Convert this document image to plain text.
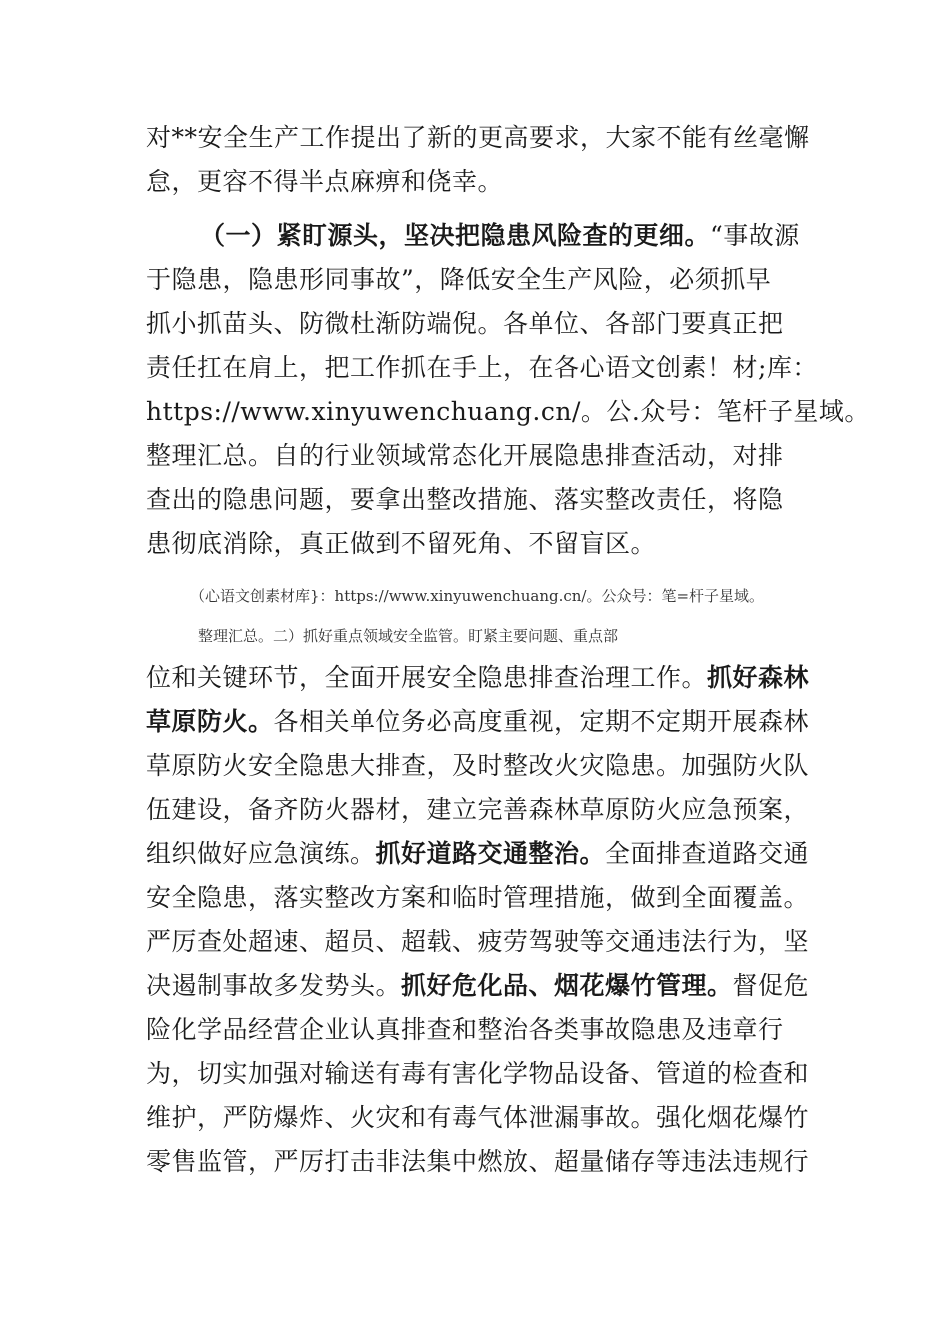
对**安全生产工作提出了新的更高要求，大家不能有丝毫懈

怠，更容不得半点麻痹和侥幸。

（一）紧盯源头，坚决把隐患风险查的更细。“事故源

于隐患，隐患形同事故”，降低安全生产风险，必须抓早

抓小抓苗头、防微杜渐防端倪。各单位、各部门要真正把

责任扛在肩上，把工作抓在手上，在各心语文创素！材;库：

https://www.xinyuwenchuang.cn/。公.众号：笔杆子星域。

整理汇总。自的行业领域常态化开展隐患排查活动，对排

查出的隐患问题，要拿出整改措施、落实整改责任，将隐

患彻底消除，真正做到不留死角、不留盲区。

（心语文创素材库}：https://www.xinyuwenchuang.cn/。公众号：笔=杆子星域。

整理汇总。二）抓好重点领域安全监管。盯紧主要问题、重点部

位和关键环节，全面开展安全隐患排查治理工作。抓好森林

草原防火。各相关单位务必高度重视，定期不定期开展森林

草原防火安全隐患大排查，及时整改火灾隐患。加强防火队

伍建设，备齐防火器材，建立完善森林草原防火应急预案，

组织做好应急演练。抓好道路交通整治。全面排查道路交通

安全隐患，落实整改方案和临时管理措施，做到全面覆盖。

严厉查处超速、超员、超载、疲劳驾驶等交通违法行为，坚

决遏制事故多发势头。抓好危化品、烟花爆竹管理。督促危

险化学品经营企业认真排查和整治各类事故隐患及违章行

为，切实加强对输送有毒有害化学物品设备、管道的检查和

维护，严防爆炸、火灾和有毒气体泄漏事故。强化烟花爆竹

零售监管，严厉打击非法集中燃放、超量储存等违法违规行
